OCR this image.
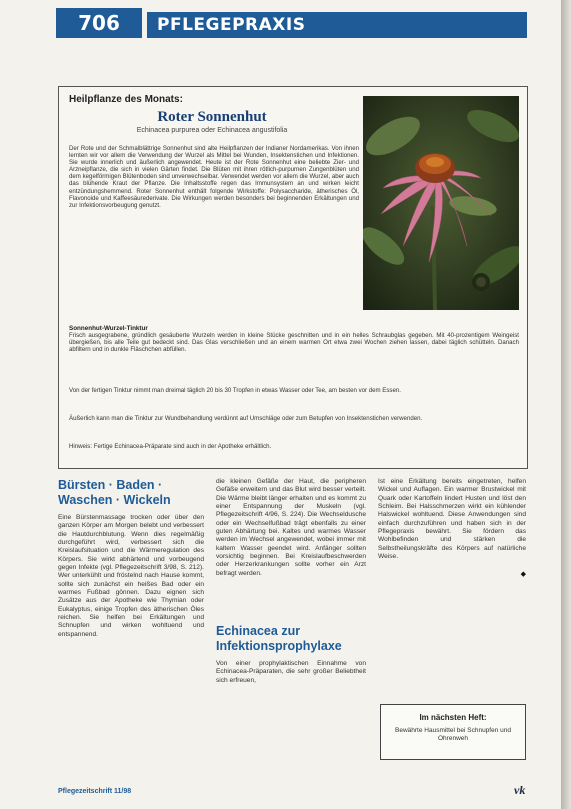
706	PFLEGEPRAXIS
Heilpflanze des Monats:
Roter Sonnenhut
Echinacea purpurea oder Echinacea angustifolia

Der Rote und der Schmalblättrige Sonnenhut sind alte Heilpflanzen der Indianer Nordamerikas. Von ihnen lernten wir vor allem die Verwendung der Wurzel als Mittel bei Wunden, Insektenstichen und Infektionen. Sie wurde innerlich und äußerlich angewendet. Heute ist der Rote Sonnenhut eine beliebte Zier- und Arzneipflanze, die sich in vielen Gärten findet. Die Blüten mit ihren rötlich-purpurnen Zungenblüten und dem kegelförmigen Blütenboden sind unverwechselbar. Verwendet werden vor allem die Wurzel, aber auch das blühende Kraut der Pflanze. Die Inhaltsstoffe regen das Immunsystem an und wirken leicht entzündungshemmend. Roter Sonnenhut enthält folgende Wirkstoffe: Polysaccharide, ätherisches Öl, Flavonoide und Kaffeesäurederivate. Die Wirkungen werden besonders bei beginnenden Erkältungen und zur Infektionsvorbeugung genutzt.

Sonnenhut-Wurzel-Tinktur

Frisch ausgegrabene, gründlich gesäuberte Wurzeln werden in kleine Stücke geschnitten und in ein helles Schraubglas gegeben. Mit 40-prozentigem Weingeist übergießen, bis alle Teile gut bedeckt sind. Das Glas verschließen und an einem warmen Ort etwa zwei Wochen ziehen lassen, dabei täglich schütteln. Danach abfiltern und in dunkle Fläschchen abfüllen.

Von der fertigen Tinktur nimmt man dreimal täglich 20 bis 30 Tropfen in etwas Wasser oder Tee, am besten vor dem Essen.

Äußerlich kann man die Tinktur zur Wundbehandlung verdünnt auf Umschläge oder zum Betupfen von Insektenstichen verwenden.

Hinweis: Fertige Echinacea-Präparate sind auch in der Apotheke erhältlich.

Bürsten · Baden · Waschen · Wickeln

Eine Bürstenmassage trocken oder über den ganzen Körper am Morgen belebt und verbessert die Hautdurchblutung. Wenn dies regelmäßig durchgeführt wird, verbessert sich die Kreislaufsituation und die Wärmeregulation des Körpers. Sie wirkt abhärtend und vorbeugend gegen Infekte (vgl. Pflegezeitschrift 3/98, S. 212). Wer unterkühlt und fröstelnd nach Hause kommt, sollte sich zunächst ein heißes Bad oder ein warmes Fußbad gönnen. Dazu eignen sich Zusätze aus der Apotheke wie Thymian oder Eukalyptus, einige Tropfen des ätherischen Öles reichen. Sie helfen bei Erkältungen und Schnupfen und wirken wohltuend und entspannend.

die kleinen Gefäße der Haut, die peripheren Gefäße erweitern und das Blut wird besser verteilt. Die Wärme bleibt länger erhalten und es kommt zu einer Entspannung der Muskeln (vgl. Pflegezeitschrift 4/96, S. 224). Die Wechseldusche oder ein Wechselfußbad trägt ebenfalls zu einer guten Abhärtung bei. Kaltes und warmes Wasser werden im Wechsel angewendet, wobei immer mit kaltem Wasser geendet wird. Anfänger sollten vorsichtig beginnen. Bei Kreislaufbeschwerden oder Herzerkrankungen sollte vorher ein Arzt befragt werden.

Echinacea zur Infektionsprophylaxe

Von einer prophylaktischen Einnahme von Echinacea-Präparaten, die sehr großer Beliebtheit sich erfreuen,

Ist eine Erkältung bereits eingetreten, helfen Wickel und Auflagen. Ein warmer Brustwickel mit Quark oder Kartoffeln lindert Husten und löst den Schleim. Bei Halsschmerzen wirkt ein kühlender Halswickel wohltuend. Diese Anwendungen sind einfach durchzuführen und haben sich in der Pflegepraxis bewährt. Sie fördern das Wohlbefinden und stärken die Selbstheilungskräfte des Körpers auf natürliche Weise.

◆

Im nächsten Heft:

Bewährte Hausmittel bei Schnupfen und Ohrenweh

Pflegezeitschrift 11/98	vk
